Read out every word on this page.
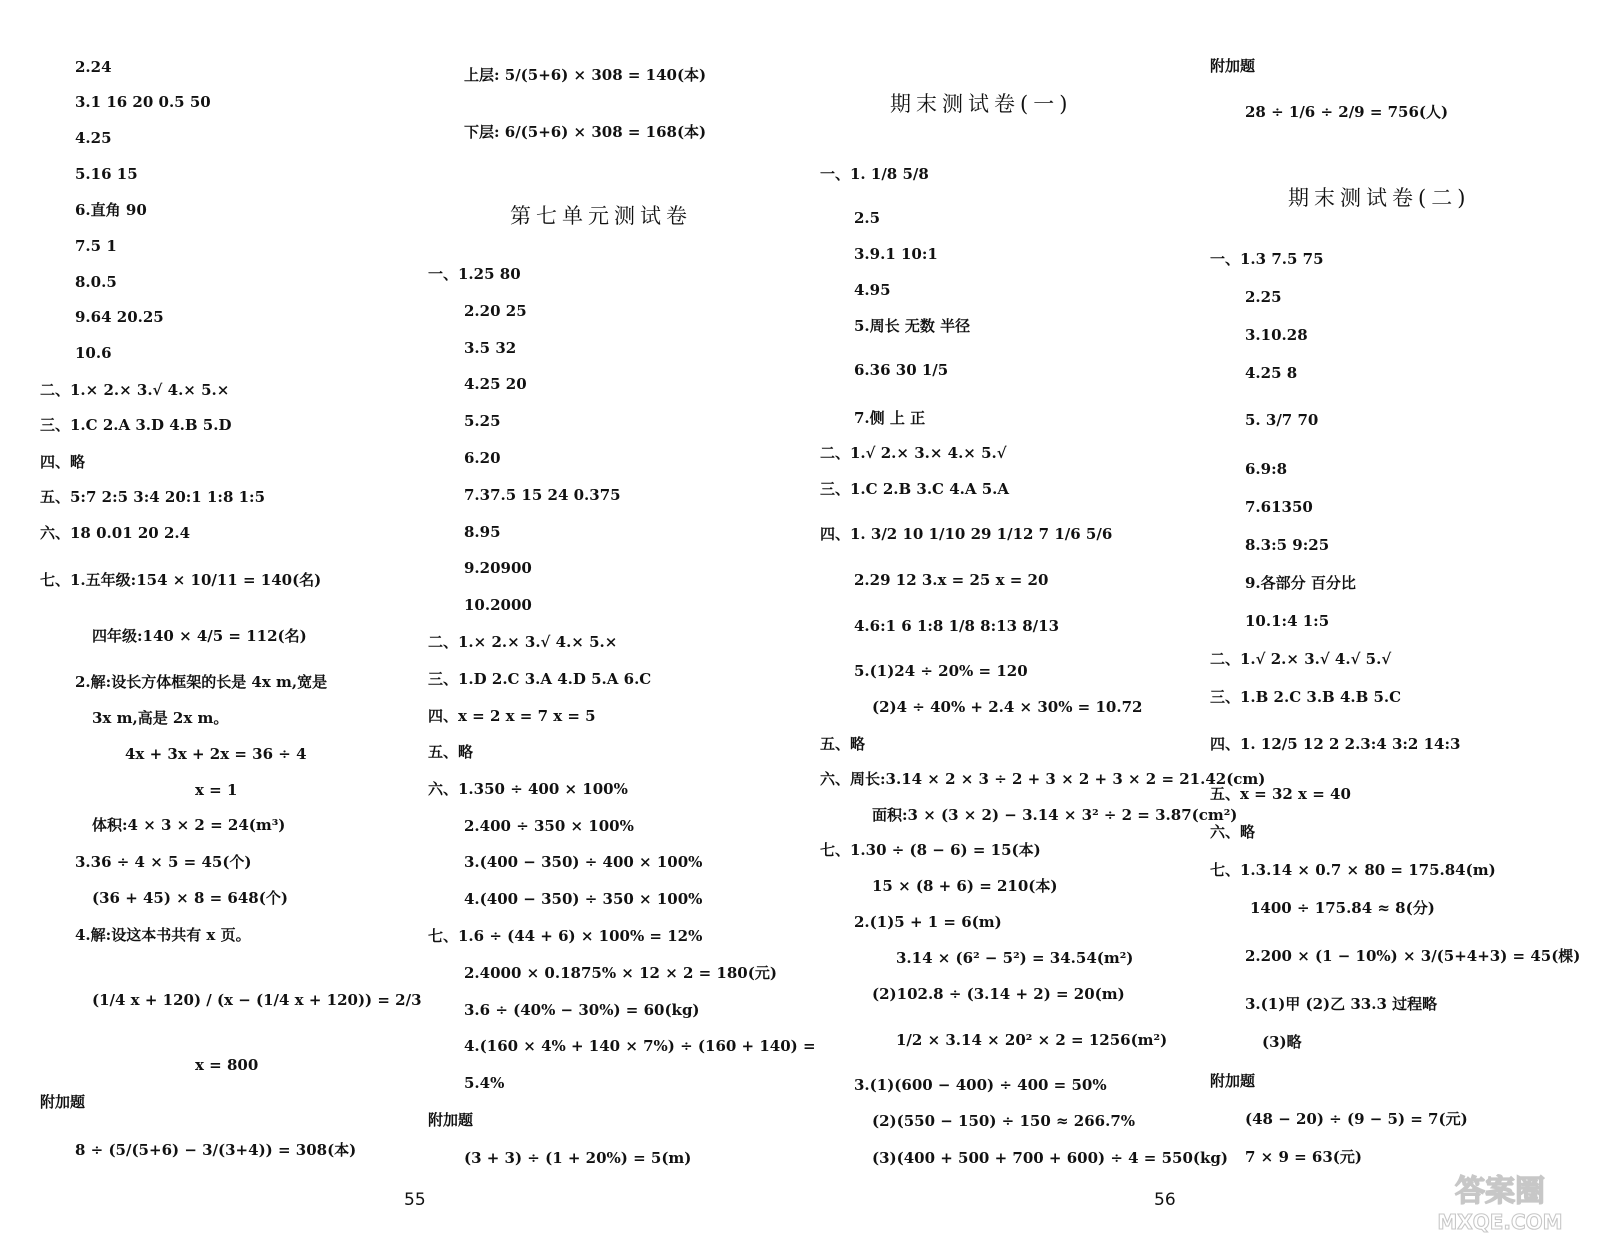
2.24
3.1 16 20 0.5 50
4.25
5.16 15
6.直角 90
7.5 1
8.0.5
9.64 20.25
10.6
二、1.× 2.× 3.√ 4.× 5.×
三、1.C 2.A 3.D 4.B 5.D
四、略
五、5:7 2:5 3:4 20:1 1:8 1:5
六、18 0.01 20 2.4
七、1.五年级:154 × 10/11 = 140(名)
四年级:140 × 4/5 = 112(名)
2.解:设长方体框架的长是 4x m,宽是
3x m,高是 2x m。
4x + 3x + 2x = 36 ÷ 4
x = 1
体积:4 × 3 × 2 = 24(m³)
3.36 ÷ 4 × 5 = 45(个)
(36 + 45) × 8 = 648(个)
4.解:设这本书共有 x 页。
(1/4 x + 120) / (x − (1/4 x + 120)) = 2/3
x = 800
附加题
8 ÷ (5/(5+6) − 3/(3+4)) = 308(本)
上层: 5/(5+6) × 308 = 140(本)
下层: 6/(5+6) × 308 = 168(本)
第七单元测试卷
一、1.25 80
2.20 25
3.5 32
4.25 20
5.25
6.20
7.37.5 15 24 0.375
8.95
9.20900
10.2000
二、1.× 2.× 3.√ 4.× 5.×
三、1.D 2.C 3.A 4.D 5.A 6.C
四、x = 2 x = 7 x = 5
五、略
六、1.350 ÷ 400 × 100%
2.400 ÷ 350 × 100%
3.(400 − 350) ÷ 400 × 100%
4.(400 − 350) ÷ 350 × 100%
七、1.6 ÷ (44 + 6) × 100% = 12%
2.4000 × 0.1875% × 12 × 2 = 180(元)
3.6 ÷ (40% − 30%) = 60(kg)
4.(160 × 4% + 140 × 7%) ÷ (160 + 140) =
5.4%
附加题
(3 + 3) ÷ (1 + 20%) = 5(m)
55
期末测试卷(一)
一、1. 1/8 5/8
2.5
3.9.1 10:1
4.95
5.周长 无数 半径
6.36 30 1/5
7.侧 上 正
二、1.√ 2.× 3.× 4.× 5.√
三、1.C 2.B 3.C 4.A 5.A
四、1. 3/2 10 1/10 29 1/12 7 1/6 5/6
2.29 12 3.x = 25 x = 20
4.6:1 6 1:8 1/8 8:13 8/13
5.(1)24 ÷ 20% = 120
(2)4 ÷ 40% + 2.4 × 30% = 10.72
五、略
六、周长:3.14 × 2 × 3 ÷ 2 + 3 × 2 + 3 × 2 = 21.42(cm)
面积:3 × (3 × 2) − 3.14 × 3² ÷ 2 = 3.87(cm²)
七、1.30 ÷ (8 − 6) = 15(本)
15 × (8 + 6) = 210(本)
2.(1)5 + 1 = 6(m)
3.14 × (6² − 5²) = 34.54(m²)
(2)102.8 ÷ (3.14 + 2) = 20(m)
1/2 × 3.14 × 20² × 2 = 1256(m²)
3.(1)(600 − 400) ÷ 400 = 50%
(2)(550 − 150) ÷ 150 ≈ 266.7%
(3)(400 + 500 + 700 + 600) ÷ 4 = 550(kg)
附加题
28 ÷ 1/6 ÷ 2/9 = 756(人)
期末测试卷(二)
一、1.3 7.5 75
2.25
3.10.28
4.25 8
5. 3/7 70
6.9:8
7.61350
8.3:5 9:25
9.各部分 百分比
10.1:4 1:5
二、1.√ 2.× 3.√ 4.√ 5.√
三、1.B 2.C 3.B 4.B 5.C
四、1. 12/5 12 2 2.3:4 3:2 14:3
五、x = 32 x = 40
六、略
七、1.3.14 × 0.7 × 80 = 175.84(m)
1400 ÷ 175.84 ≈ 8(分)
2.200 × (1 − 10%) × 3/(5+4+3) = 45(棵)
3.(1)甲 (2)乙 33.3 过程略
(3)略
附加题
(48 − 20) ÷ (9 − 5) = 7(元)
7 × 9 = 63(元)
56	答案圈
MXQE.COM
